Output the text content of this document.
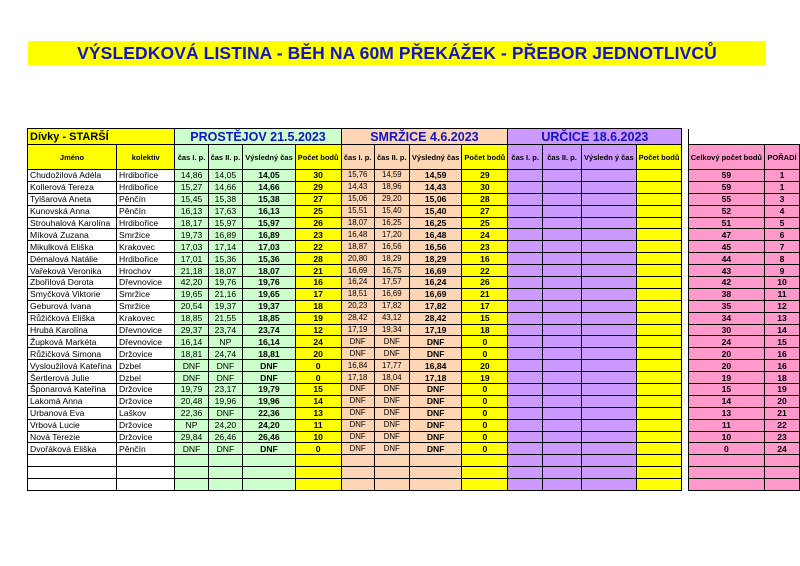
VÝSLEDKOVÁ LISTINA - BĚH NA 60M PŘEKÁŽEK - PŘEBOR JEDNOTLIVCŮ
Dívky - STARŠÍ		PROSTĚJOV 21.5.2023				SMRŽICE 4.6.2023				URČICE 18.6.2023						
Jméno	kolektiv	čas I. p.	čas II. p.	Výsledný čas	Počet bodů	čas I. p.	čas II. p.	Výsledný čas	Počet bodů	čas I. p.	čas II. p.	Výsledn ý čas	Počet bodů		Celkový počet bodů	POŘADÍ
Chudožilová Adéla	Hrdibořice	14,86	14,05	14,05	30	15,76	14,59	14,59	29						59	1
Kollerová Tereza	Hrdibořice	15,27	14,66	14,66	29	14,43	18,96	14,43	30						59	1
Tylšarová Aneta	Pěnčín	15,45	15,38	15,38	27	15,06	29,20	15,06	28						55	3
Kunovská Anna	Pěnčín	16,13	17,63	16,13	25	15,51	15,40	15,40	27						52	4
Strouhalová Karolína	Hrdibořice	18,17	15,97	15,97	26	18,07	16,25	16,25	25						51	5
Míková Zuzana	Smržice	19,73	16,89	16,89	23	16,48	17,20	16,48	24						47	6
Mikulková Eliška	Krakovec	17,03	17,14	17,03	22	18,87	16,56	16,56	23						45	7
Démalová Natálie	Hrdibořice	17,01	15,36	15,36	28	20,80	18,29	18,29	16						44	8
Vařeková Veronika	Hrochov	21,18	18,07	18,07	21	16,69	16,75	16,69	22						43	9
Zbořilová Dorota	Dřevnovice	42,20	19,76	19,76	16	16,24	17,57	16,24	26						42	10
Smyčková Viktorie	Smržice	19,65	21,16	19,65	17	18,51	16,69	16,69	21						38	11
Geburová Ivana	Smržice	20,54	19,37	19,37	18	20,23	17,82	17,82	17						35	12
Růžičková Eliška	Krakovec	18,85	21,55	18,85	19	28,42	43,12	28,42	15						34	13
Hrubá Karolína	Dřevnovice	29,37	23,74	23,74	12	17,19	19,34	17,19	18						30	14
Župková Markéta	Dřevnovice	16,14	NP	16,14	24	DNF	DNF	DNF	0						24	15
Růžičková Simona	Držovice	18,81	24,74	18,81	20	DNF	DNF	DNF	0						20	16
Vysloužilová Kateřina	Dzbel	DNF	DNF	DNF	0	16,84	17,77	16,84	20						20	16
Šertlerová Julie	Dzbel	DNF	DNF	DNF	0	17,18	18,04	17,18	19						19	18
Šponarová Kateřina	Držovice	19,79	23,17	19,79	15	DNF	DNF	DNF	0						15	19
Lakomá Anna	Držovice	20,48	19,96	19,96	14	DNF	DNF	DNF	0						14	20
Urbanová Eva	Laškov	22,36	DNF	22,36	13	DNF	DNF	DNF	0						13	21
Vrbová Lucie	Držovice	NP	24,20	24,20	11	DNF	DNF	DNF	0						11	22
Nová Terezie	Držovice	29,84	26,46	26,46	10	DNF	DNF	DNF	0						10	23
Dvořáková Eliška	Pěnčín	DNF	DNF	DNF	0	DNF	DNF	DNF	0						0	24
